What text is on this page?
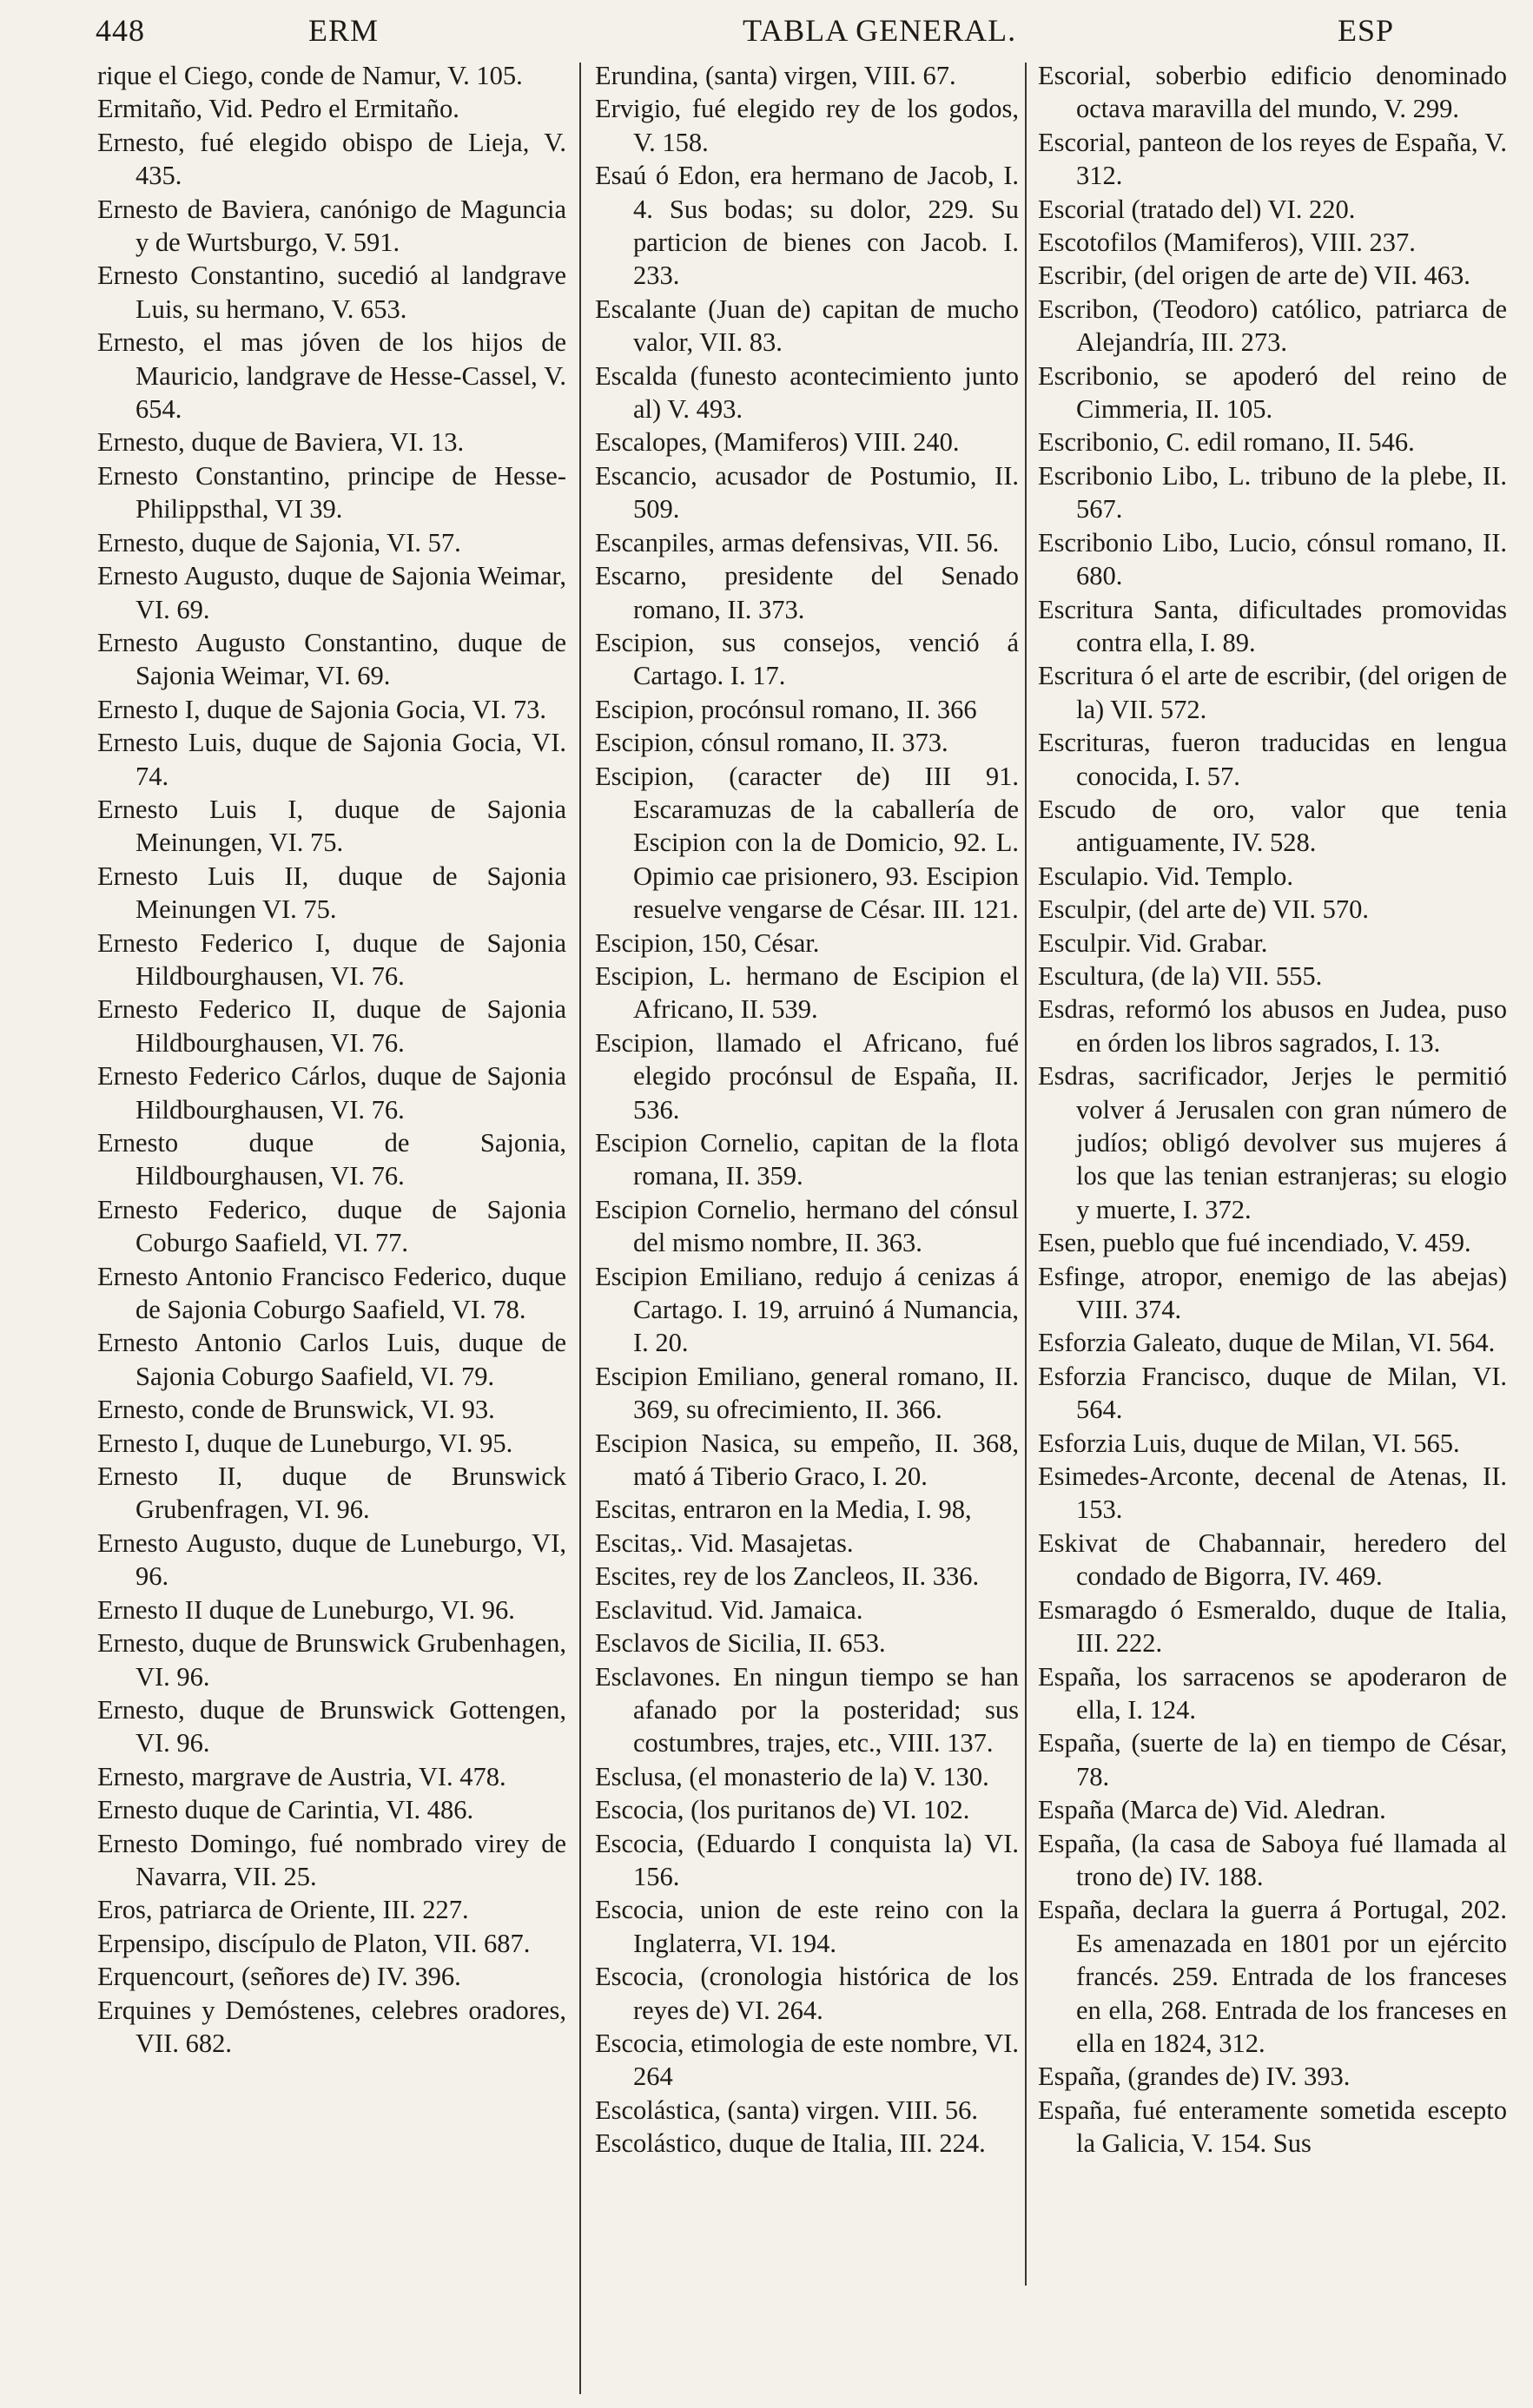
448	ERM	TABLA GENERAL.	ESP

rique el Ciego, conde de Namur, V. 105.

Ermitaño, Vid. Pedro el Ermitaño.

Ernesto, fué elegido obispo de Lieja, V. 435.

Ernesto de Baviera, canónigo de Maguncia y de Wurtsburgo, V. 591.

Ernesto Constantino, sucedió al landgrave Luis, su hermano, V. 653.

Ernesto, el mas jóven de los hijos de Mauricio, landgrave de Hesse-Cassel, V. 654.

Ernesto, duque de Baviera, VI. 13.

Ernesto Constantino, principe de Hesse-Philippsthal, VI 39.

Ernesto, duque de Sajonia, VI. 57.

Ernesto Augusto, duque de Sajonia Weimar, VI. 69.

Ernesto Augusto Constantino, duque de Sajonia Weimar, VI. 69.

Ernesto I, duque de Sajonia Gocia, VI. 73.

Ernesto Luis, duque de Sajonia Gocia, VI. 74.

Ernesto Luis I, duque de Sajonia Meinungen, VI. 75.

Ernesto Luis II, duque de Sajonia Meinungen VI. 75.

Ernesto Federico I, duque de Sajonia Hildbourghausen, VI. 76.

Ernesto Federico II, duque de Sajonia Hildbourghausen, VI. 76.

Ernesto Federico Cárlos, duque de Sajonia Hildbourghausen, VI. 76.

Ernesto duque de Sajonia, Hildbourghausen, VI. 76.

Ernesto Federico, duque de Sajonia Coburgo Saafield, VI. 77.

Ernesto Antonio Francisco Federico, duque de Sajonia Coburgo Saafield, VI. 78.

Ernesto Antonio Carlos Luis, duque de Sajonia Coburgo Saafield, VI. 79.

Ernesto, conde de Brunswick, VI. 93.

Ernesto I, duque de Luneburgo, VI. 95.

Ernesto II, duque de Brunswick Grubenfragen, VI. 96.

Ernesto Augusto, duque de Luneburgo, VI, 96.

Ernesto II duque de Luneburgo, VI. 96.

Ernesto, duque de Brunswick Grubenhagen, VI. 96.

Ernesto, duque de Brunswick Gottengen, VI. 96.

Ernesto, margrave de Austria, VI. 478.

Ernesto duque de Carintia, VI. 486.

Ernesto Domingo, fué nombrado virey de Navarra, VII. 25.

Eros, patriarca de Oriente, III. 227.

Erpensipo, discípulo de Platon, VII. 687.

Erquencourt, (señores de) IV. 396.

Erquines y Demóstenes, celebres oradores, VII. 682.

Erundina, (santa) virgen, VIII. 67.

Ervigio, fué elegido rey de los godos, V. 158.

Esaú ó Edon, era hermano de Jacob, I. 4. Sus bodas; su dolor, 229. Su particion de bienes con Jacob. I. 233.

Escalante (Juan de) capitan de mucho valor, VII. 83.

Escalda (funesto acontecimiento junto al) V. 493.

Escalopes, (Mamiferos) VIII. 240.

Escancio, acusador de Postumio, II. 509.

Escanpiles, armas defensivas, VII. 56.

Escarno, presidente del Senado romano, II. 373.

Escipion, sus consejos, venció á Cartago. I. 17.

Escipion, procónsul romano, II. 366

Escipion, cónsul romano, II. 373.

Escipion, (caracter de) III 91. Escaramuzas de la caballería de Escipion con la de Domicio, 92. L. Opimio cae prisionero, 93. Escipion resuelve vengarse de César. III. 121.

Escipion, 150, César.

Escipion, L. hermano de Escipion el Africano, II. 539.

Escipion, llamado el Africano, fué elegido procónsul de España, II. 536.

Escipion Cornelio, capitan de la flota romana, II. 359.

Escipion Cornelio, hermano del cónsul del mismo nombre, II. 363.

Escipion Emiliano, redujo á cenizas á Cartago. I. 19, arruinó á Numancia, I. 20.

Escipion Emiliano, general romano, II. 369, su ofrecimiento, II. 366.

Escipion Nasica, su empeño, II. 368, mató á Tiberio Graco, I. 20.

Escitas, entraron en la Media, I. 98,

Escitas,. Vid. Masajetas.

Escites, rey de los Zancleos, II. 336.

Esclavitud. Vid. Jamaica.

Esclavos de Sicilia, II. 653.

Esclavones. En ningun tiempo se han afanado por la posteridad; sus costumbres, trajes, etc., VIII. 137.

Esclusa, (el monasterio de la) V. 130.

Escocia, (los puritanos de) VI. 102.

Escocia, (Eduardo I conquista la) VI. 156.

Escocia, union de este reino con la Inglaterra, VI. 194.

Escocia, (cronologia histórica de los reyes de) VI. 264.

Escocia, etimologia de este nombre, VI. 264

Escolástica, (santa) virgen. VIII. 56.

Escolástico, duque de Italia, III. 224.

Escorial, soberbio edificio denominado octava maravilla del mundo, V. 299.

Escorial, panteon de los reyes de España, V. 312.

Escorial (tratado del) VI. 220.

Escotofilos (Mamiferos), VIII. 237.

Escribir, (del origen de arte de) VII. 463.

Escribon, (Teodoro) católico, patriarca de Alejandría, III. 273.

Escribonio, se apoderó del reino de Cimmeria, II. 105.

Escribonio, C. edil romano, II. 546.

Escribonio Libo, L. tribuno de la plebe, II. 567.

Escribonio Libo, Lucio, cónsul romano, II. 680.

Escritura Santa, dificultades promovidas contra ella, I. 89.

Escritura ó el arte de escribir, (del origen de la) VII. 572.

Escrituras, fueron traducidas en lengua conocida, I. 57.

Escudo de oro, valor que tenia antiguamente, IV. 528.

Esculapio. Vid. Templo.

Esculpir, (del arte de) VII. 570.

Esculpir. Vid. Grabar.

Escultura, (de la) VII. 555.

Esdras, reformó los abusos en Judea, puso en órden los libros sagrados, I. 13.

Esdras, sacrificador, Jerjes le permitió volver á Jerusalen con gran número de judíos; obligó devolver sus mujeres á los que las tenian estranjeras; su elogio y muerte, I. 372.

Esen, pueblo que fué incendiado, V. 459.

Esfinge, atropor, enemigo de las abejas) VIII. 374.

Esforzia Galeato, duque de Milan, VI. 564.

Esforzia Francisco, duque de Milan, VI. 564.

Esforzia Luis, duque de Milan, VI. 565.

Esimedes-Arconte, decenal de Atenas, II. 153.

Eskivat de Chabannair, heredero del condado de Bigorra, IV. 469.

Esmaragdo ó Esmeraldo, duque de Italia, III. 222.

España, los sarracenos se apoderaron de ella, I. 124.

España, (suerte de la) en tiempo de César, 78.

España (Marca de) Vid. Aledran.

España, (la casa de Saboya fué llamada al trono de) IV. 188.

España, declara la guerra á Portugal, 202. Es amenazada en 1801 por un ejército francés. 259. Entrada de los franceses en ella, 268. Entrada de los franceses en ella en 1824, 312.

España, (grandes de) IV. 393.

España, fué enteramente sometida escepto la Galicia, V. 154. Sus
